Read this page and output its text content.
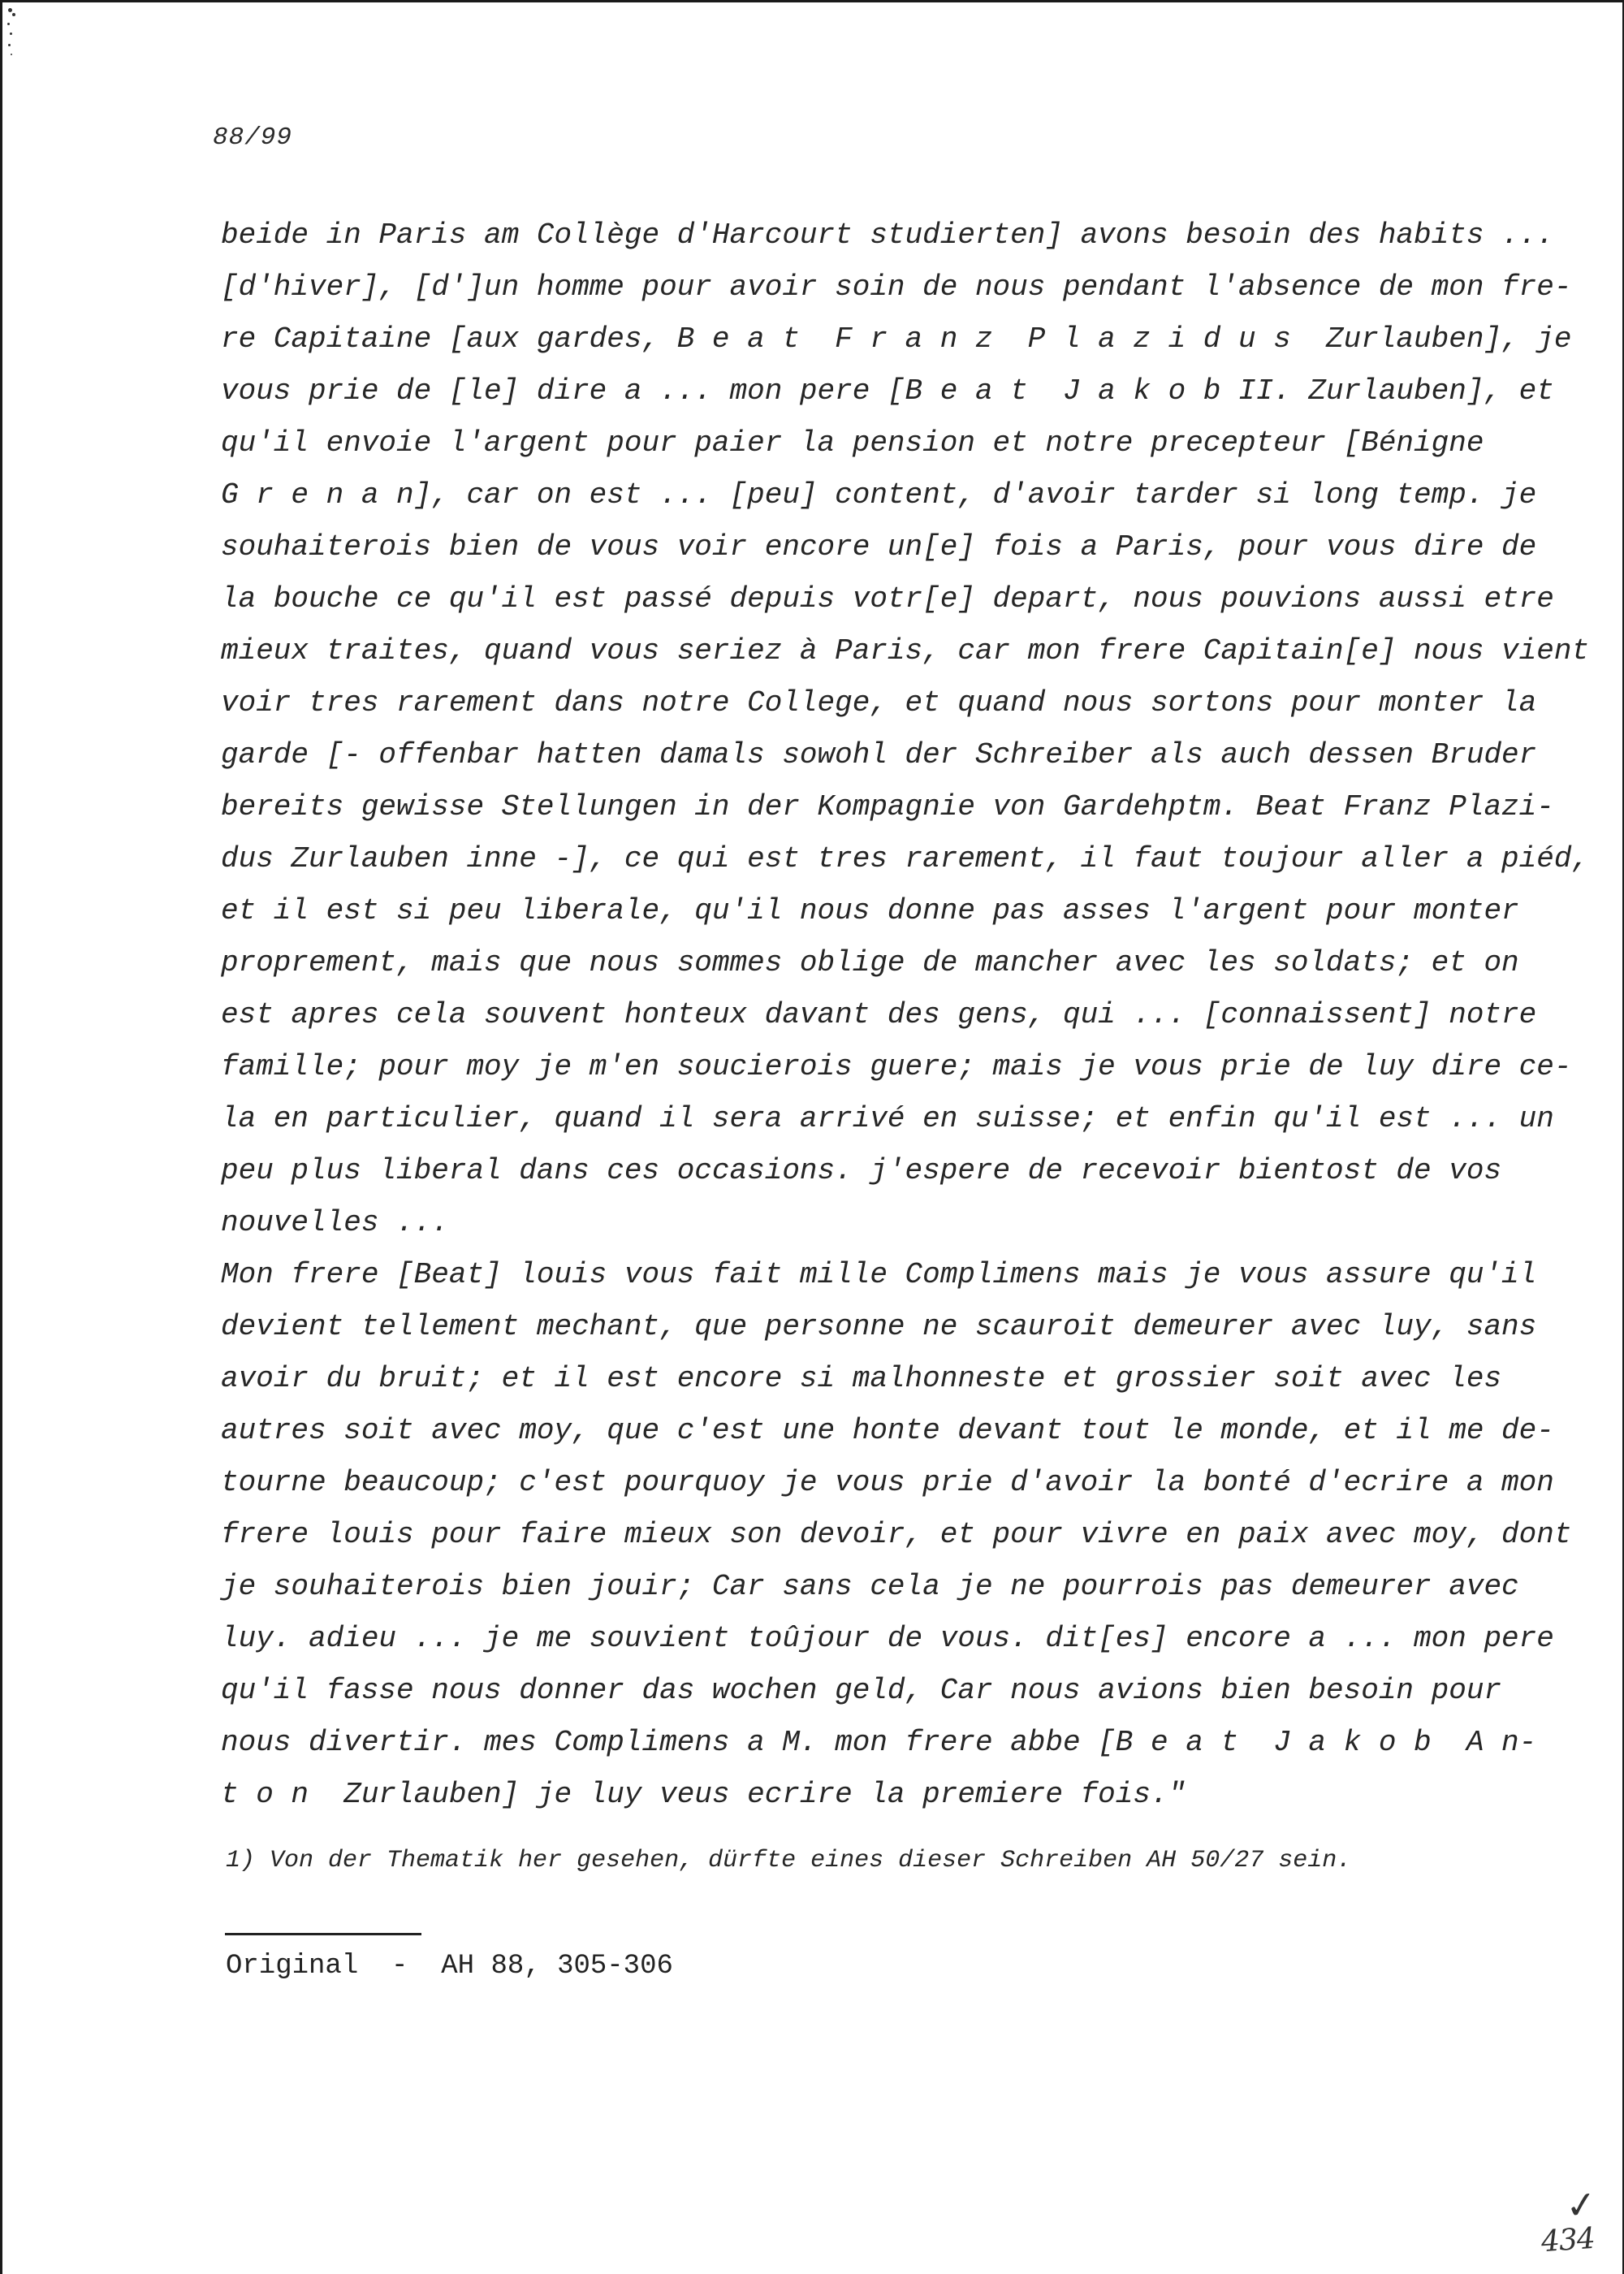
88/99
beide in Paris am Collège d'Harcourt studierten] avons besoin des habits ...
[d'hiver], [d']un homme pour avoir soin de nous pendant l'absence de mon fre-
re Capitaine [aux gardes, B e a t  F r a n z  P l a z i d u s  Zurlauben], je
vous prie de [le] dire a ... mon pere [B e a t  J a k o b II. Zurlauben], et
qu'il envoie l'argent pour paier la pension et notre precepteur [Bénigne
G r e n a n], car on est ... [peu] content, d'avoir tarder si long temp. je
souhaiterois bien de vous voir encore un[e] fois a Paris, pour vous dire de
la bouche ce qu'il est passé depuis votr[e] depart, nous pouvions aussi etre
mieux traites, quand vous seriez à Paris, car mon frere Capitain[e] nous vient
voir tres rarement dans notre College, et quand nous sortons pour monter la
garde [- offenbar hatten damals sowohl der Schreiber als auch dessen Bruder
bereits gewisse Stellungen in der Kompagnie von Gardehptm. Beat Franz Plazi-
dus Zurlauben inne -], ce qui est tres rarement, il faut toujour aller a piéd,
et il est si peu liberale, qu'il nous donne pas asses l'argent pour monter
proprement, mais que nous sommes oblige de mancher avec les soldats; et on
est apres cela souvent honteux davant des gens, qui ... [connaissent] notre
famille; pour moy je m'en soucierois guere; mais je vous prie de luy dire ce-
la en particulier, quand il sera arrivé en suisse; et enfin qu'il est ... un
peu plus liberal dans ces occasions. j'espere de recevoir bientost de vos
nouvelles ...
Mon frere [Beat] louis vous fait mille Complimens mais je vous assure qu'il
devient tellement mechant, que personne ne scauroit demeurer avec luy, sans
avoir du bruit; et il est encore si malhonneste et grossier soit avec les
autres soit avec moy, que c'est une honte devant tout le monde, et il me de-
tourne beaucoup; c'est pourquoy je vous prie d'avoir la bonté d'ecrire a mon
frere louis pour faire mieux son devoir, et pour vivre en paix avec moy, dont
je souhaiterois bien jouir; Car sans cela je ne pourrois pas demeurer avec
luy. adieu ... je me souvient toûjour de vous. dit[es] encore a ... mon pere
qu'il fasse nous donner das wochen geld, Car nous avions bien besoin pour
nous divertir. mes Complimens a M. mon frere abbe [B e a t  J a k o b  A n-
t o n  Zurlauben] je luy veus ecrire la premiere fois."
1) Von der Thematik her gesehen, dürfte eines dieser Schreiben AH 50/27 sein.
Original  -  AH 88, 305-306
✓
434
